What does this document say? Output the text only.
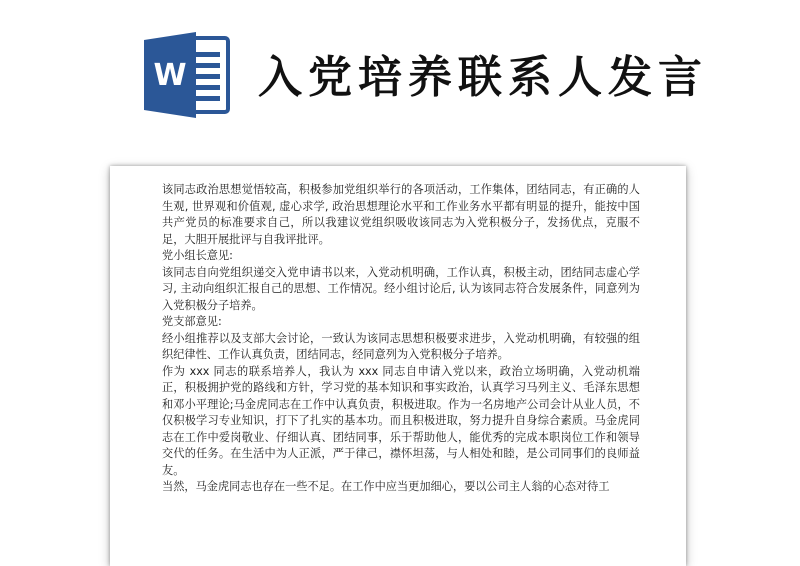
W 入党培养联系人发言

该同志政治思想觉悟较高，积极参加党组织举行的各项活动，工作集体，团结同志，有正确的人生观, 世界观和价值观, 虚心求学, 政治思想理论水平和工作业务水平都有明显的提升，能按中国共产党员的标准要求自己，所以我建议党组织吸收该同志为入党积极分子，发扬优点，克服不足，大胆开展批评与自我评批评。

党小组长意见:

该同志自向党组织递交入党申请书以来，入党动机明确，工作认真，积极主动，团结同志虚心学习, 主动向组织汇报自己的思想、工作情况。经小组讨论后, 认为该同志符合发展条件，同意列为入党积极分子培养。

党支部意见:

经小组推荐以及支部大会讨论，一致认为该同志思想积极要求进步，入党动机明确，有较强的组织纪律性、工作认真负责，团结同志，经同意列为入党积极分子培养。

作为 xxx 同志的联系培养人，我认为 xxx 同志自申请入党以来，政治立场明确，入党动机端正，积极拥护党的路线和方针，学习党的基本知识和事实政治，认真学习马列主义、毛泽东思想和邓小平理论;马金虎同志在工作中认真负责，积极进取。作为一名房地产公司会计从业人员，不仅积极学习专业知识，打下了扎实的基本功。而且积极进取，努力提升自身综合素质。马金虎同志在工作中爱岗敬业、仔细认真、团结同事，乐于帮助他人，能优秀的完成本职岗位工作和领导交代的任务。在生活中为人正派，严于律己，襟怀坦荡，与人相处和睦，是公司同事们的良师益友。

当然，马金虎同志也存在一些不足。在工作中应当更加细心，要以公司主人翁的心态对待工
